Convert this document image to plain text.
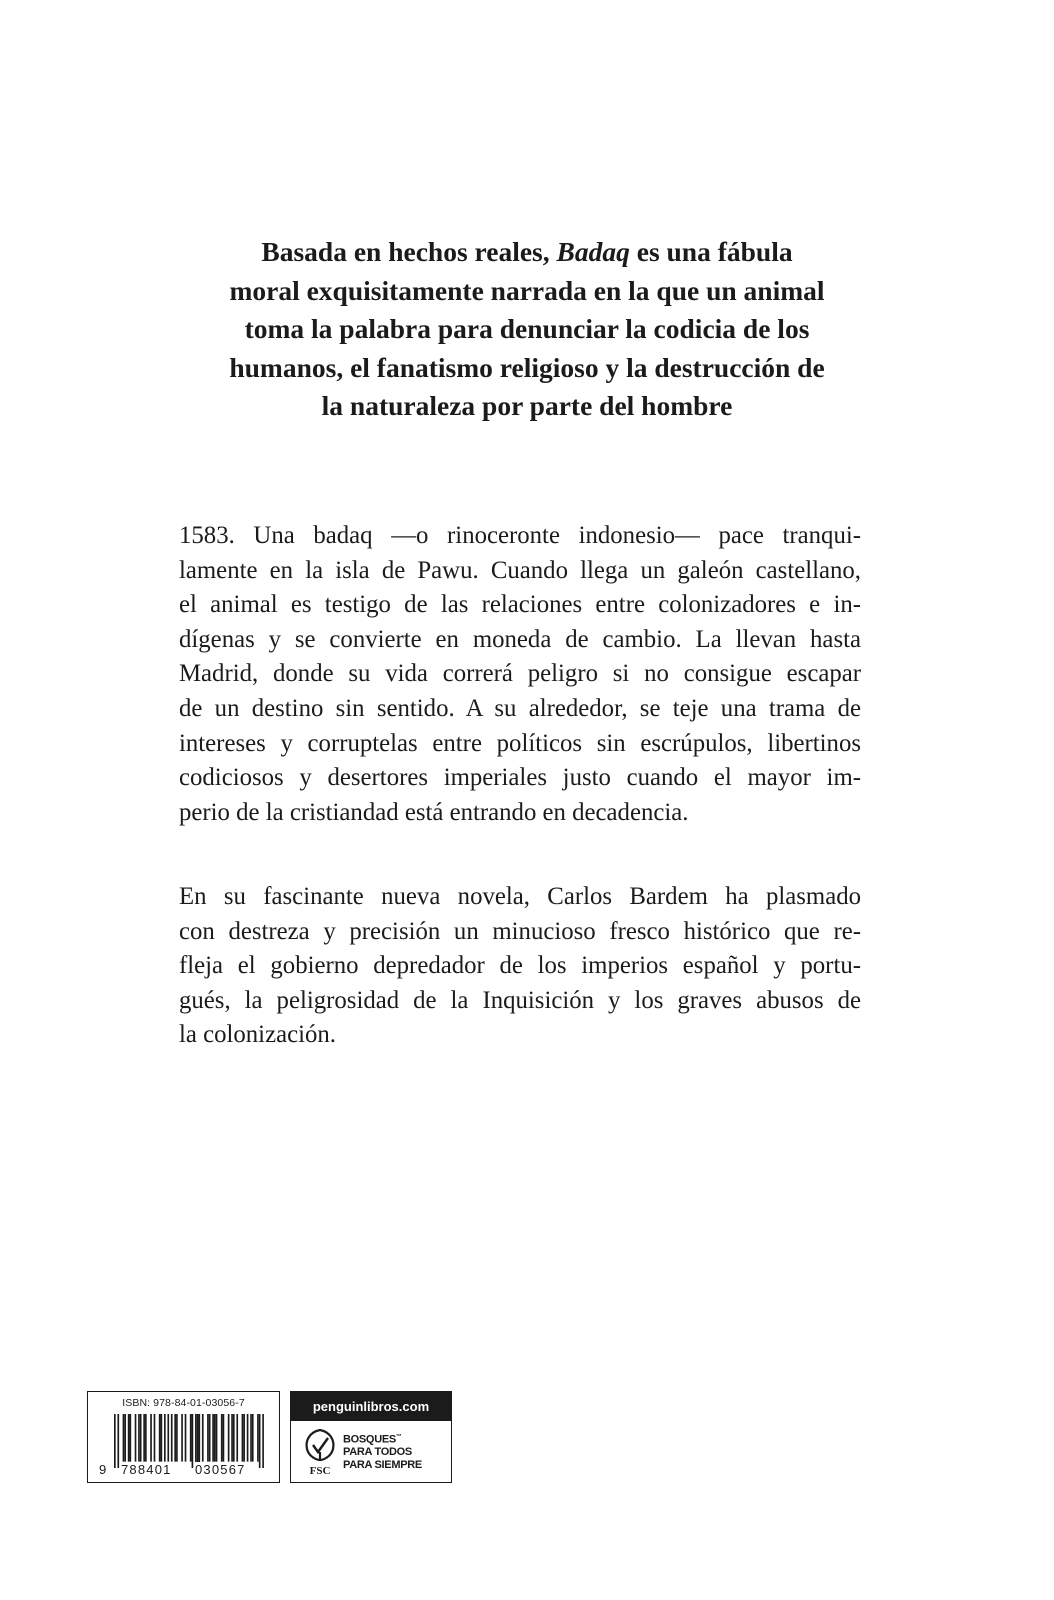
Basada en hechos reales, Badaq es una fábula
moral exquisitamente narrada en la que un animal
toma la palabra para denunciar la codicia de los
humanos, el fanatismo religioso y la destrucción de
la naturaleza por parte del hombre
1583. Una badaq —o rinoceronte indonesio— pace tranqui-
lamente en la isla de Pawu. Cuando llega un galeón castellano,
el animal es testigo de las relaciones entre colonizadores e in-
dígenas y se convierte en moneda de cambio. La llevan hasta
Madrid, donde su vida correrá peligro si no consigue escapar
de un destino sin sentido. A su alrededor, se teje una trama de
intereses y corruptelas entre políticos sin escrúpulos, libertinos
codiciosos y desertores imperiales justo cuando el mayor im-
perio de la cristiandad está entrando en decadencia.
En su fascinante nueva novela, Carlos Bardem ha plasmado
con destreza y precisión un minucioso fresco histórico que re-
fleja el gobierno depredador de los imperios español y portu-
gués, la peligrosidad de la Inquisición y los graves abusos de
la colonización.
ISBN: 978-84-01-03056-7
9 788401 030567
penguinlibros.com
FSC
BOSQUES™
PARA TODOS
PARA SIEMPRE
